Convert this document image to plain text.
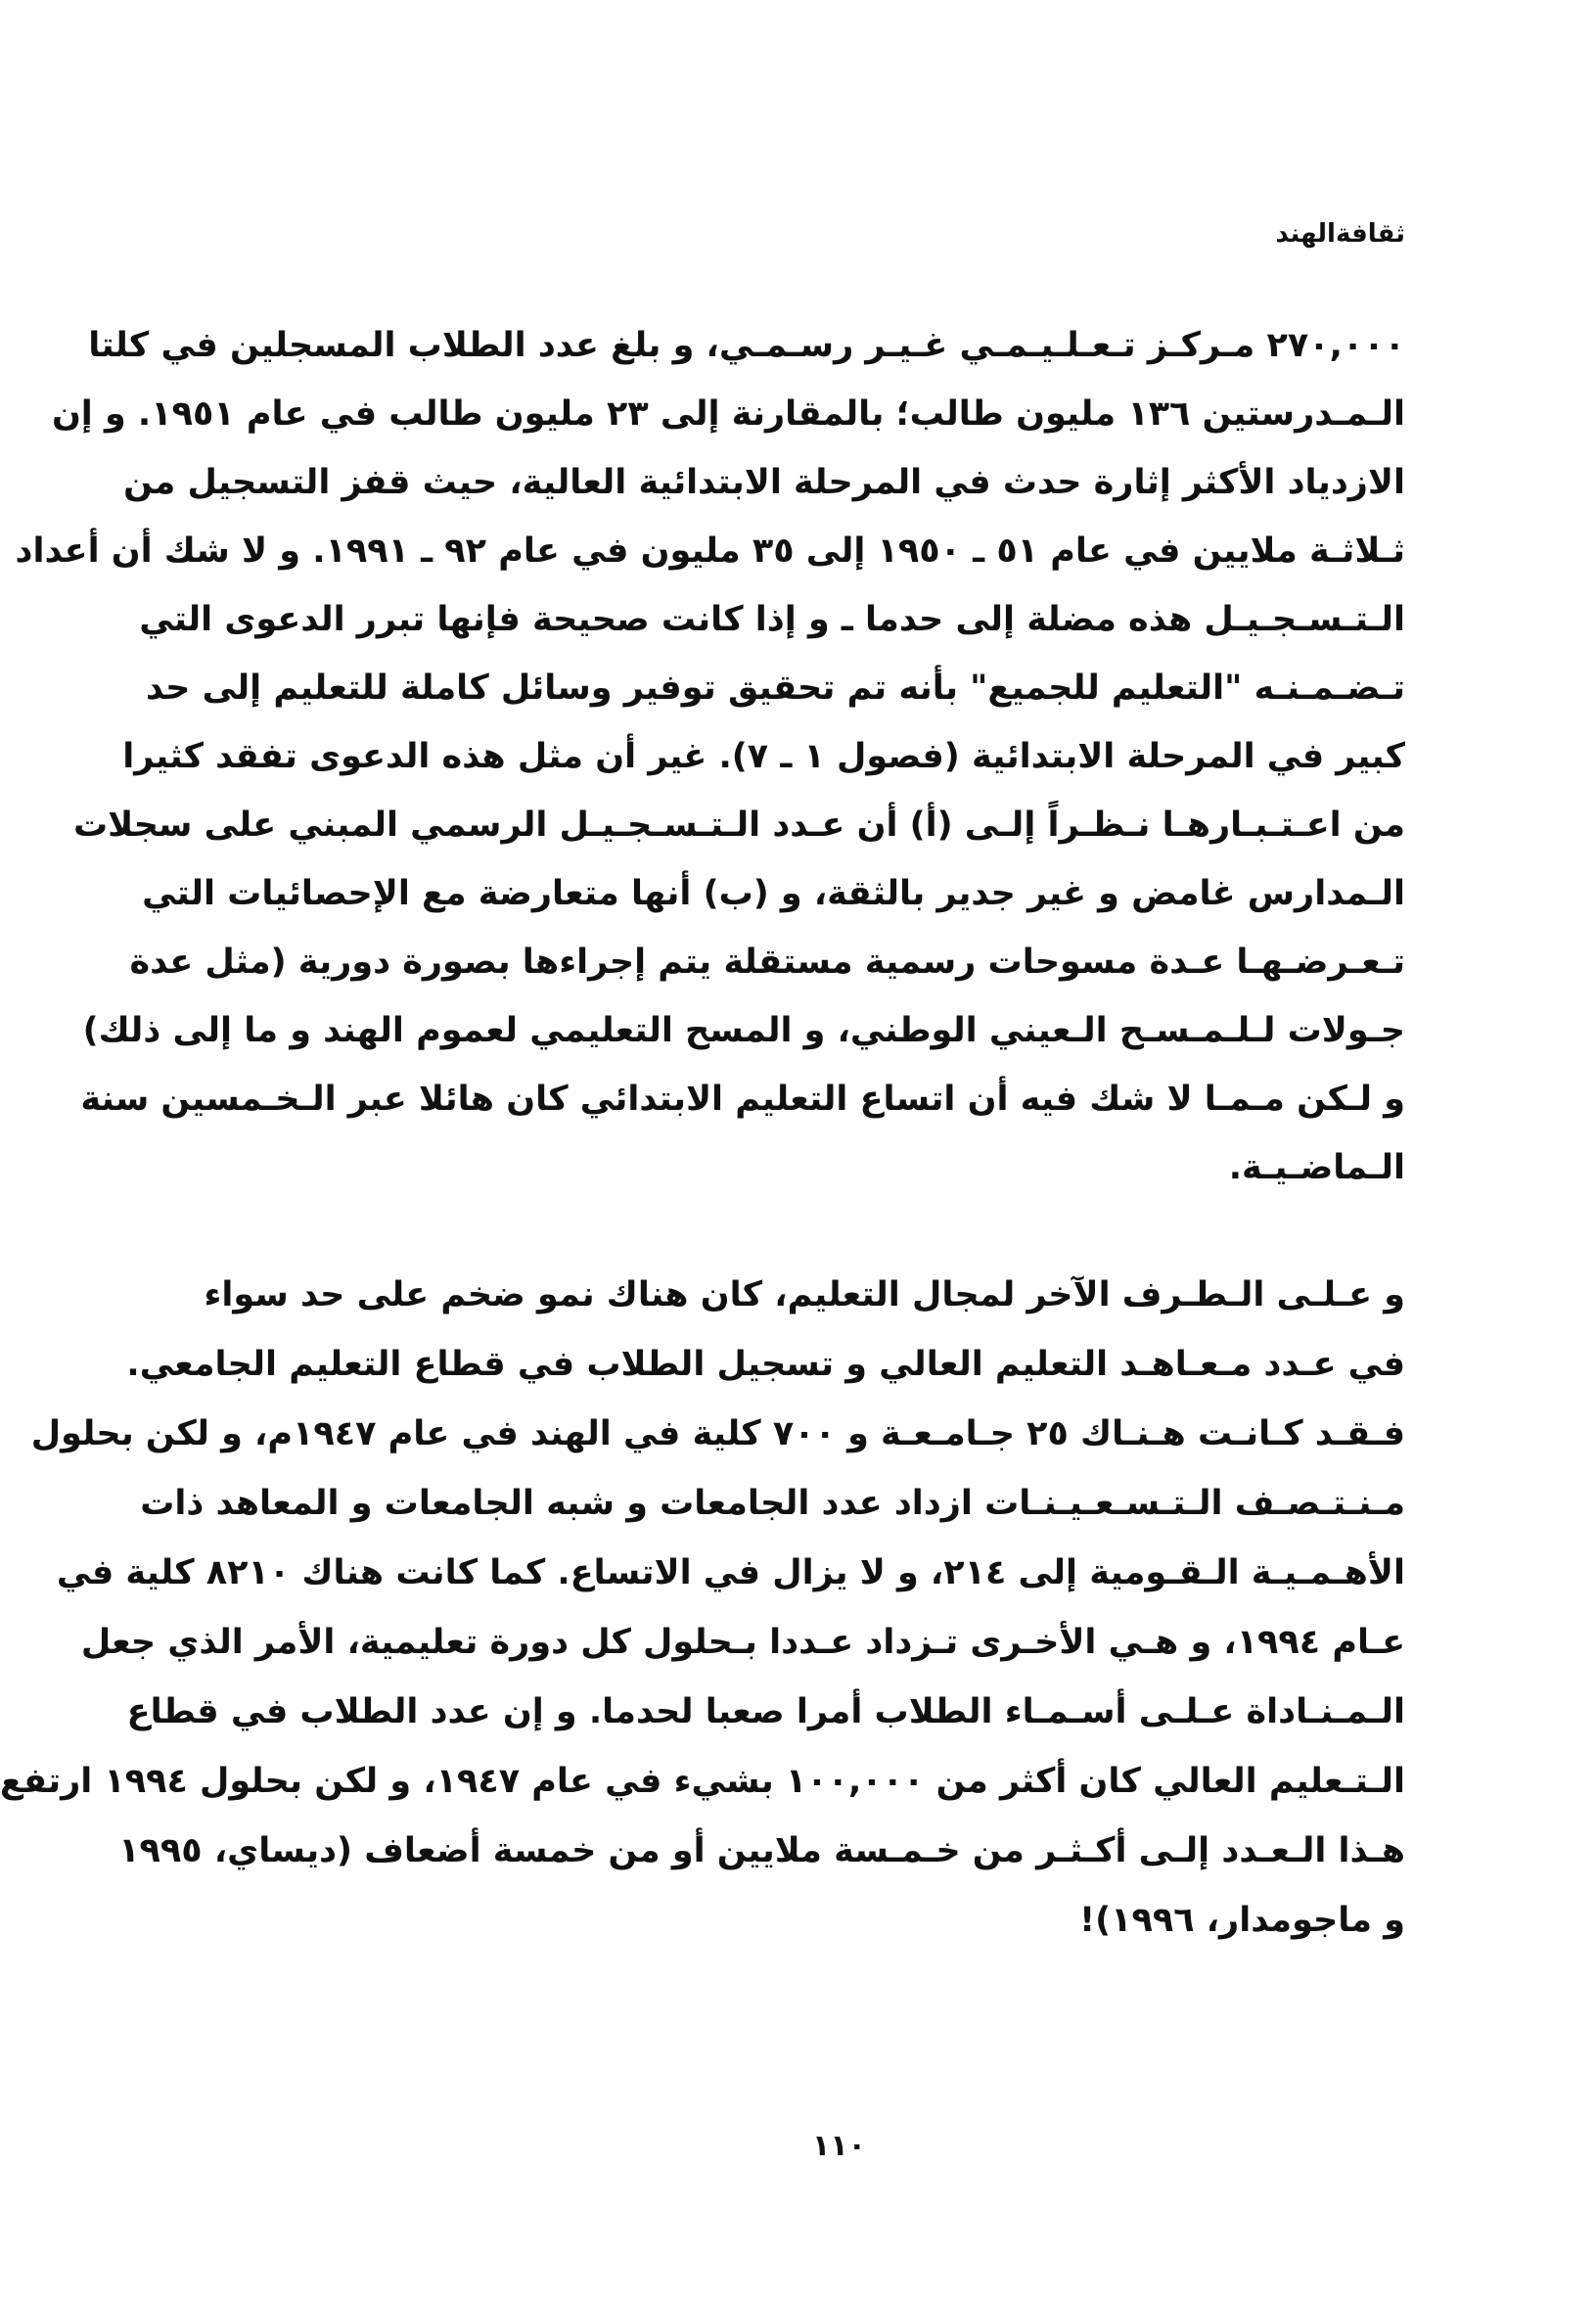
ثقافةالهند
٢٧٠,٠٠٠ مـركـز تـعـلـيـمـي غـيـر رسـمـي، و بلغ عدد الطلاب المسجلين في كلتا
الـمـدرستين ١٣٦ مليون طالب؛ بالمقارنة إلى ٢٣ مليون طالب في عام ١٩٥١. و إن
الازدياد الأكثر إثارة حدث في المرحلة الابتدائية العالية، حيث قفز التسجيل من
ثـلاثـة ملايين في عام ٥١ ـ ١٩٥٠ إلى ٣٥ مليون في عام ٩٢ ـ ١٩٩١. و لا شك أن أعداد
الـتـسـجـيـل هذه مضلة إلى حدما ـ و إذا كانت صحيحة فإنها تبرر الدعوى التي
تـضـمـنـه "التعليم للجميع" بأنه تم تحقيق توفير وسائل كاملة للتعليم إلى حد
كبير في المرحلة الابتدائية (فصول ١ ـ ٧). غير أن مثل هذه الدعوى تفقد كثيرا
من اعـتـبـارهـا نـظـراً إلـى (أ) أن عـدد الـتـسـجـيـل الرسمي المبني على سجلات
الـمدارس غامض و غير جدير بالثقة، و (ب) أنها متعارضة مع الإحصائيات التي
تـعـرضـهـا عـدة مسوحات رسمية مستقلة يتم إجراءها بصورة دورية (مثل عدة
جـولات لـلـمـسـح الـعيني الوطني، و المسح التعليمي لعموم الهند و ما إلى ذلك)
و لـكن مـمـا لا شك فيه أن اتساع التعليم الابتدائي كان هائلا عبر الـخـمسين سنة
الـماضـيـة.
و عـلـى الـطـرف الآخر لمجال التعليم، كان هناك نمو ضخم على حد سواء
في عـدد مـعـاهـد التعليم العالي و تسجيل الطلاب في قطاع التعليم الجامعي.
فـقـد كـانـت هـنـاك ٢٥ جـامـعـة و ٧٠٠ كلية في الهند في عام ١٩٤٧م، و لكن بحلول
مـنـتـصـف الـتـسـعـيـنـات ازداد عدد الجامعات و شبه الجامعات و المعاهد ذات
الأهـمـيـة الـقـومية إلى ٢١٤، و لا يزال في الاتساع. كما كانت هناك ٨٢١٠ كلية في
عـام ١٩٩٤، و هـي الأخـرى تـزداد عـددا بـحلول كل دورة تعليمية، الأمر الذي جعل
الـمـنـاداة عـلـى أسـمـاء الطلاب أمرا صعبا لحدما. و إن عدد الطلاب في قطاع
الـتـعليم العالي كان أكثر من ١٠٠,٠٠٠ بشيء في عام ١٩٤٧، و لكن بحلول ١٩٩٤ ارتفع
هـذا الـعـدد إلـى أكـثـر من خـمـسة ملايين أو من خمسة أضعاف (ديساي، ١٩٩٥
و ماجومدار، ١٩٩٦)!
١١٠
